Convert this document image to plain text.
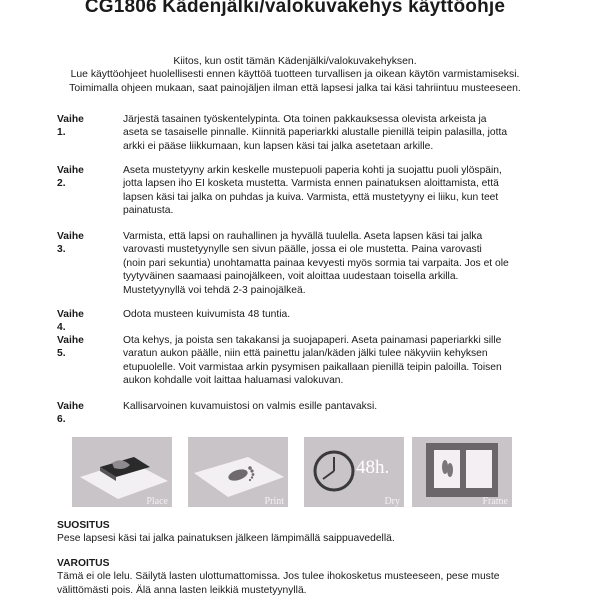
CG1806 Kädenjälki/valokuvakehys käyttöohje
Kiitos, kun ostit tämän Kädenjälki/valokuvakehyksen.
Lue käyttöohjeet huolellisesti ennen käyttöä tuotteen turvallisen ja oikean käytön varmistamiseksi.
Toimimalla ohjeen mukaan, saat painojäljen ilman että lapsesi jalka tai käsi tahriintuu musteeseen.
Vaihe 1.
Järjestä tasainen työskentelypinta. Ota toinen pakkauksessa olevista arkeista ja
aseta se tasaiselle pinnalle. Kiinnitä paperiarkki alustalle pienillä teipin palasilla, jotta
arkki ei pääse liikkumaan, kun lapsen käsi tai jalka asetetaan arkille.
Vaihe 2.
Aseta mustetyyny arkin keskelle mustepuoli paperia kohti ja suojattu puoli ylöspäin,
jotta lapsen iho EI kosketa mustetta. Varmista ennen painatuksen aloittamista, että
lapsen käsi tai jalka on puhdas ja kuiva. Varmista, että mustetyyny ei liiku, kun teet
painatusta.
Vaihe 3.
Varmista, että lapsi on rauhallinen ja hyvällä tuulella. Aseta lapsen käsi tai jalka
varovasti mustetyynylle sen sivun päälle, jossa ei ole mustetta. Paina varovasti
(noin pari sekuntia) unohtamatta painaa kevyesti myös sormia tai varpaita. Jos et ole
tyytyväinen saamaasi painojälkeen, voit aloittaa uudestaan toisella arkilla.
Mustetyynyllä voi tehdä 2-3 painojälkeä.
Vaihe 4.
Odota musteen kuivumista 48 tuntia.
Vaihe 5.
Ota kehys, ja poista sen takakansi ja suojapaperi. Aseta painamasi paperiarkki sille
varatun aukon päälle, niin että painettu jalan/käden jälki tulee näkyviin kehyksen
etupuolelle. Voit varmistaa arkin pysymisen paikallaan pienillä teipin paloilla. Toisen
aukon kohdalle voit laittaa haluamasi valokuvan.
Vaihe 6.
Kallisarvoinen kuvamuistosi on valmis esille pantavaksi.
Place	Print
48h.
Dry	Frame
SUOSITUS
Pese lapsesi käsi tai jalka painatuksen jälkeen lämpimällä saippuavedellä.
VAROITUS
Tämä ei ole lelu. Säilytä lasten ulottumattomissa. Jos tulee ihokosketus musteeseen, pese muste
välittömästi pois. Älä anna lasten leikkiä mustetyynyllä.
